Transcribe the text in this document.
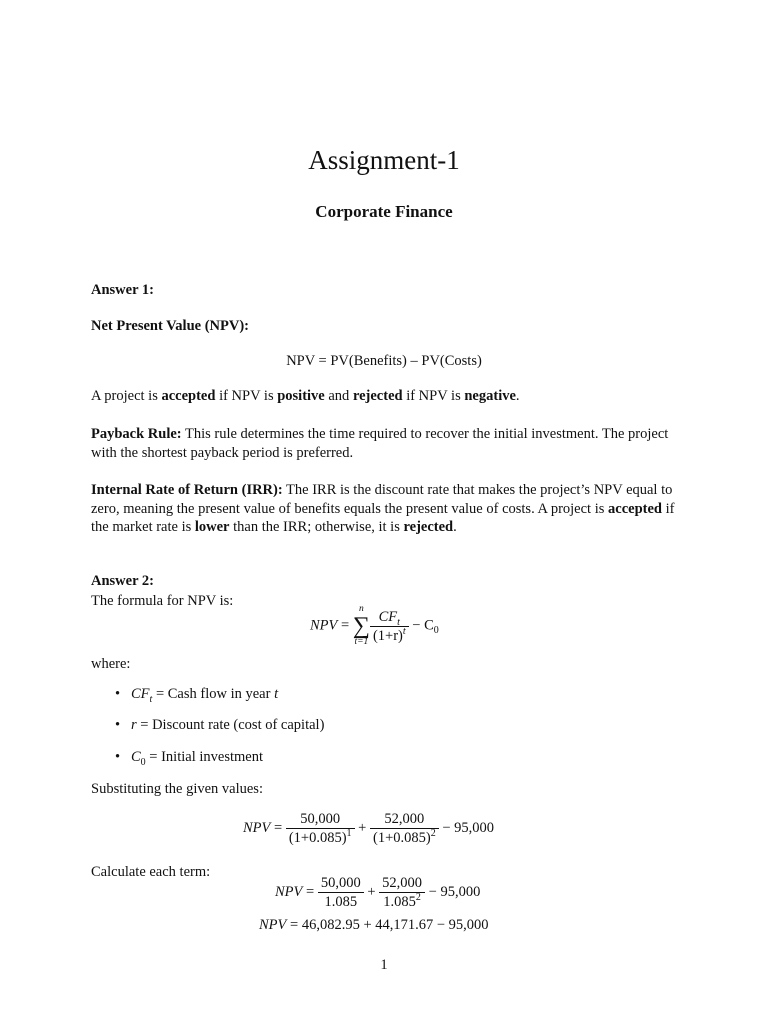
Assignment-1
Corporate Finance
Answer 1:
Net Present Value (NPV):
NPV = PV(Benefits) – PV(Costs)
A project is accepted if NPV is positive and rejected if NPV is negative.
Payback Rule: This rule determines the time required to recover the initial investment. The project with the shortest payback period is preferred.
Internal Rate of Return (IRR): The IRR is the discount rate that makes the project’s NPV equal to zero, meaning the present value of benefits equals the present value of costs. A project is accepted if the market rate is lower than the IRR; otherwise, it is rejected.
Answer 2:
The formula for NPV is:
NPV =
n
∑
$t=1 \frac{CF_t}{(1+r)^t} - C_0$
where:
• $CF_t$ = Cash flow in year t
• r = Discount rate (cost of capital)
• $C_0$ = Initial investment
Substituting the given values:
NPV = $\frac{50,000}{(1+0.085)^1} + \frac{52,000}{(1+0.085)^2} - 95,000$
Calculate each term:
NPV = $\frac{50,000}{1.085} + \frac{52,000}{1.085^2} - 95,000$
NPV = 46,082.95 + 44,171.67 − 95,000
1
